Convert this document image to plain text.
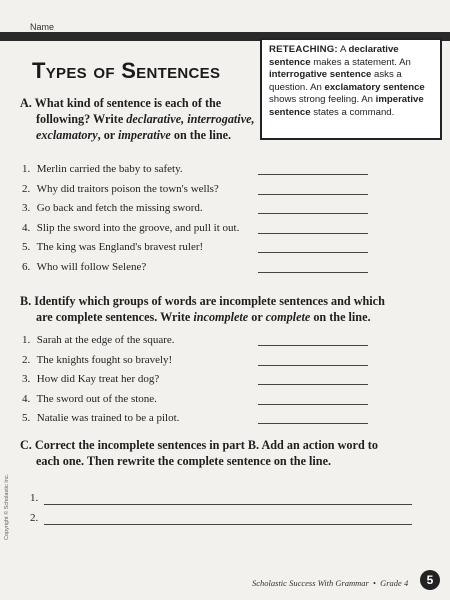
Name
Types of Sentences
RETEACHING: A declarative sentence makes a statement. An interrogative sentence asks a question. An exclamatory sentence shows strong feeling. An imperative sentence states a command.
A. What kind of sentence is each of the
following? Write declarative, interrogative,
exclamatory, or imperative on the line.
1. Merlin carried the baby to safety.
2. Why did traitors poison the town's wells?
3. Go back and fetch the missing sword.
4. Slip the sword into the groove, and pull it out.
5. The king was England's bravest ruler!
6. Who will follow Selene?
B. Identify which groups of words are incomplete sentences and which
are complete sentences. Write incomplete or complete on the line.
1. Sarah at the edge of the square.
2. The knights fought so bravely!
3. How did Kay treat her dog?
4. The sword out of the stone.
5. Natalie was trained to be a pilot.
C. Correct the incomplete sentences in part B. Add an action word to
each one. Then rewrite the complete sentence on the line.
1.
2.
Copyright © Scholastic Inc.
Scholastic Success With Grammar • Grade 4	5
